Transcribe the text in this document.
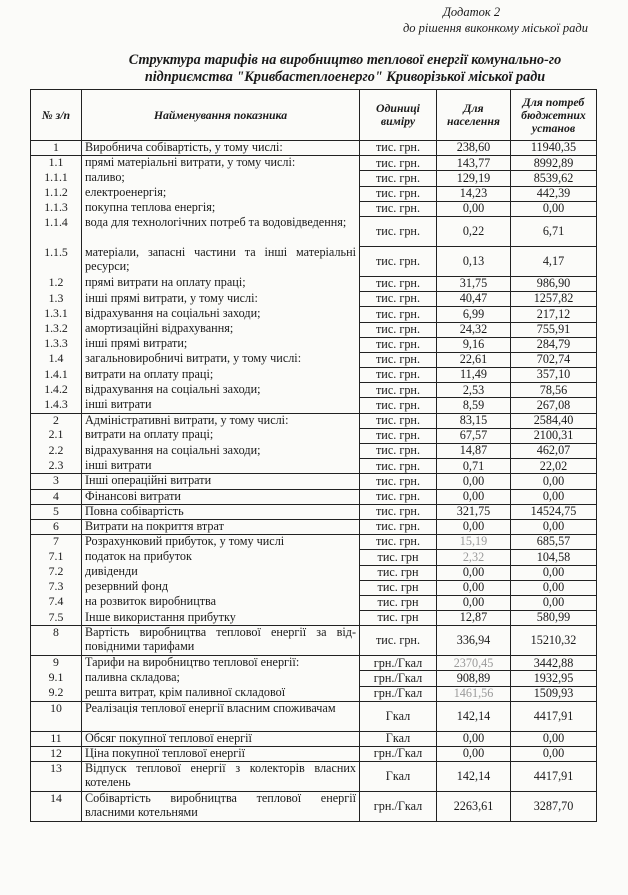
Додаток 2
до рішення виконкому міської ради
Структура тарифів на виробництво теплової енергії комунально-го підприємства "Кривбастеплоенерго" Криворізької міської ради
№ з/п	Найменування показника	Одиниці виміру	Для населення	Для потреб бюджетних установ
1	Виробнича собівартість, у тому числі:	тис. грн.	238,60	11940,35
1.1	прямі матеріальні витрати, у тому числі:	тис. грн.	143,77	8992,89
1.1.1	паливо;	тис. грн.	129,19	8539,62
1.1.2	електроенергія;	тис. грн.	14,23	442,39
1.1.3	покупна теплова енергія;	тис. грн.	0,00	0,00
1.1.4	вода для технологічних потреб та водовідведення;	тис. грн.	0,22	6,71
1.1.5	матеріали, запасні частини та інші матеріальні ресурси;	тис. грн.	0,13	4,17
1.2	прямі витрати на оплату праці;	тис. грн.	31,75	986,90
1.3	інші прямі витрати, у тому числі:	тис. грн.	40,47	1257,82
1.3.1	відрахування на соціальні заходи;	тис. грн.	6,99	217,12
1.3.2	амортизаційні відрахування;	тис. грн.	24,32	755,91
1.3.3	інші прямі витрати;	тис. грн.	9,16	284,79
1.4	загальновиробничі витрати, у тому числі:	тис. грн.	22,61	702,74
1.4.1	витрати на оплату праці;	тис. грн.	11,49	357,10
1.4.2	відрахування на соціальні заходи;	тис. грн.	2,53	78,56
1.4.3	інші витрати	тис. грн.	8,59	267,08
2	Адміністративні витрати, у тому числі:	тис. грн.	83,15	2584,40
2.1	витрати на оплату праці;	тис. грн.	67,57	2100,31
2.2	відрахування на соціальні заходи;	тис. грн.	14,87	462,07
2.3	інші витрати	тис. грн.	0,71	22,02
3	Інші операційні витрати	тис. грн.	0,00	0,00
4	Фінансові витрати	тис. грн.	0,00	0,00
5	Повна собівартість	тис. грн.	321,75	14524,75
6	Витрати на покриття втрат	тис. грн.	0,00	0,00
7	Розрахунковий прибуток, у тому числі	тис. грн.	15,19	685,57
7.1	податок на прибуток	тис. грн	2,32	104,58
7.2	дивіденди	тис. грн	0,00	0,00
7.3	резервний фонд	тис. грн	0,00	0,00
7.4	на розвиток виробництва	тис. грн	0,00	0,00
7.5	Інше використання прибутку	тис. грн	12,87	580,99
8	Вартість виробництва теплової енергії за від-повідними тарифами	тис. грн.	336,94	15210,32
9	Тарифи на виробництво теплової енергії:	грн./Гкал	2370,45	3442,88
9.1	паливна складова;	грн./Гкал	908,89	1932,95
9.2	решта витрат, крім паливної складової	грн./Гкал	1461,56	1509,93
10	Реалізація теплової енергії власним споживачам	Гкал	142,14	4417,91
11	Обсяг покупної теплової енергії	Гкал	0,00	0,00
12	Ціна покупної теплової енергії	грн./Гкал	0,00	0,00
13	Відпуск теплової енергії з колекторів власних котелень	Гкал	142,14	4417,91
14	Собівартість виробництва теплової енергії власними котельнями	грн./Гкал	2263,61	3287,70
